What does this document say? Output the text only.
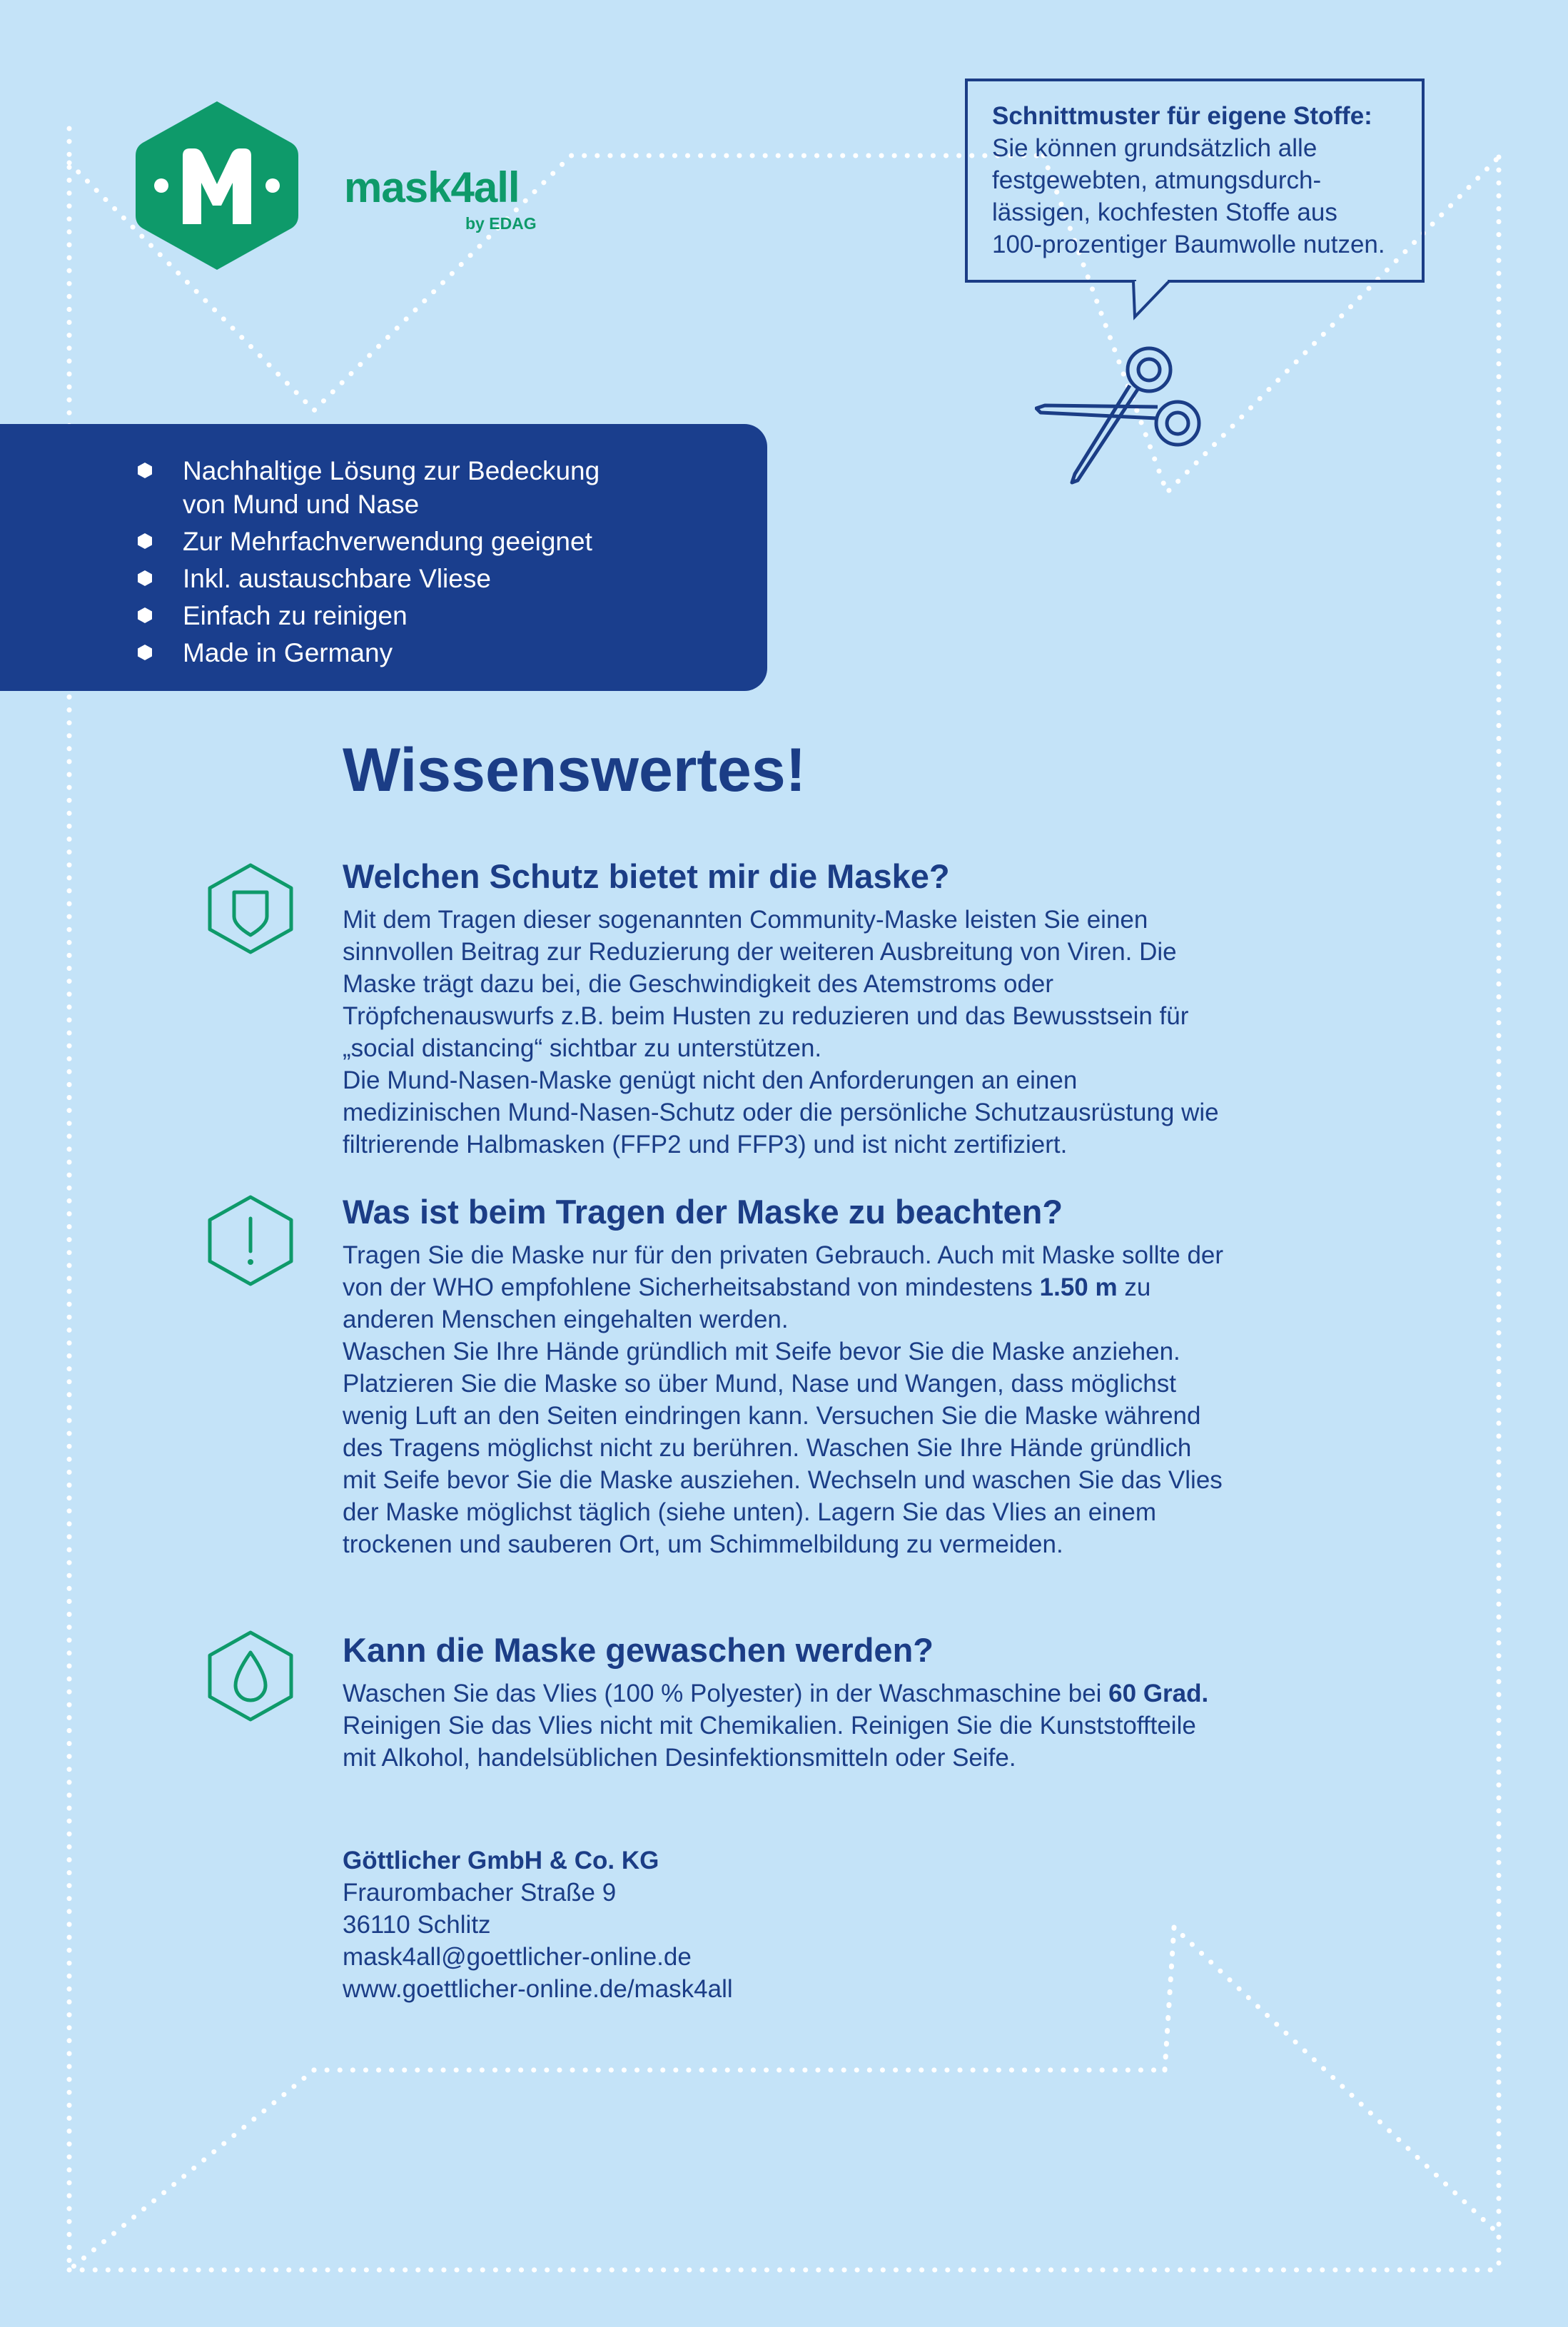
mask4all
by EDAG
Schnittmuster für eigene Stoffe:
Sie können grundsätzlich alle
festgewebten, atmungsdurch-
lässigen, kochfesten Stoffe aus
100-prozentiger Baumwolle nutzen.
Nachhaltige Lösung zur Bedeckung von Mund und Nase
Zur Mehrfachverwendung geeignet
Inkl. austauschbare Vliese
Einfach zu reinigen
Made in Germany
Wissenswertes!
Welchen Schutz bietet mir die Maske?

Mit dem Tragen dieser sogenannten Community-Maske leisten Sie einen sinnvollen Beitrag zur Reduzierung der weiteren Ausbreitung von Viren. Die Maske trägt dazu bei, die Geschwindigkeit des Atemstroms oder Tröpfchenauswurfs z.B. beim Husten zu reduzieren und das Bewusstsein für „social distancing“ sichtbar zu unterstützen.

Die Mund-Nasen-Maske genügt nicht den Anforderungen an einen medizinischen Mund-Nasen-Schutz oder die persönliche Schutzausrüstung wie filtrierende Halbmasken (FFP2 und FFP3) und ist nicht zertifiziert.

Was ist beim Tragen der Maske zu beachten?

Tragen Sie die Maske nur für den privaten Gebrauch. Auch mit Maske sollte der von der WHO empfohlene Sicherheitsabstand von mindestens 1.50 m zu anderen Menschen eingehalten werden.

Waschen Sie Ihre Hände gründlich mit Seife bevor Sie die Maske anziehen. Platzieren Sie die Maske so über Mund, Nase und Wangen, dass möglichst wenig Luft an den Seiten eindringen kann. Versuchen Sie die Maske während des Tragens möglichst nicht zu berühren. Waschen Sie Ihre Hände gründlich mit Seife bevor Sie die Maske ausziehen. Wechseln und waschen Sie das Vlies der Maske möglichst täglich (siehe unten). Lagern Sie das Vlies an einem trockenen und sauberen Ort, um Schimmelbildung zu vermeiden.

Kann die Maske gewaschen werden?

Waschen Sie das Vlies (100 % Polyester) in der Waschmaschine bei 60 Grad. Reinigen Sie das Vlies nicht mit Chemikalien. Reinigen Sie die Kunststoffteile mit Alkohol, handelsüblichen Desinfektionsmitteln oder Seife.

Göttlicher GmbH & Co. KG
Fraurombacher Straße 9
36110 Schlitz
mask4all@goettlicher-online.de
www.goettlicher-online.de/mask4all
